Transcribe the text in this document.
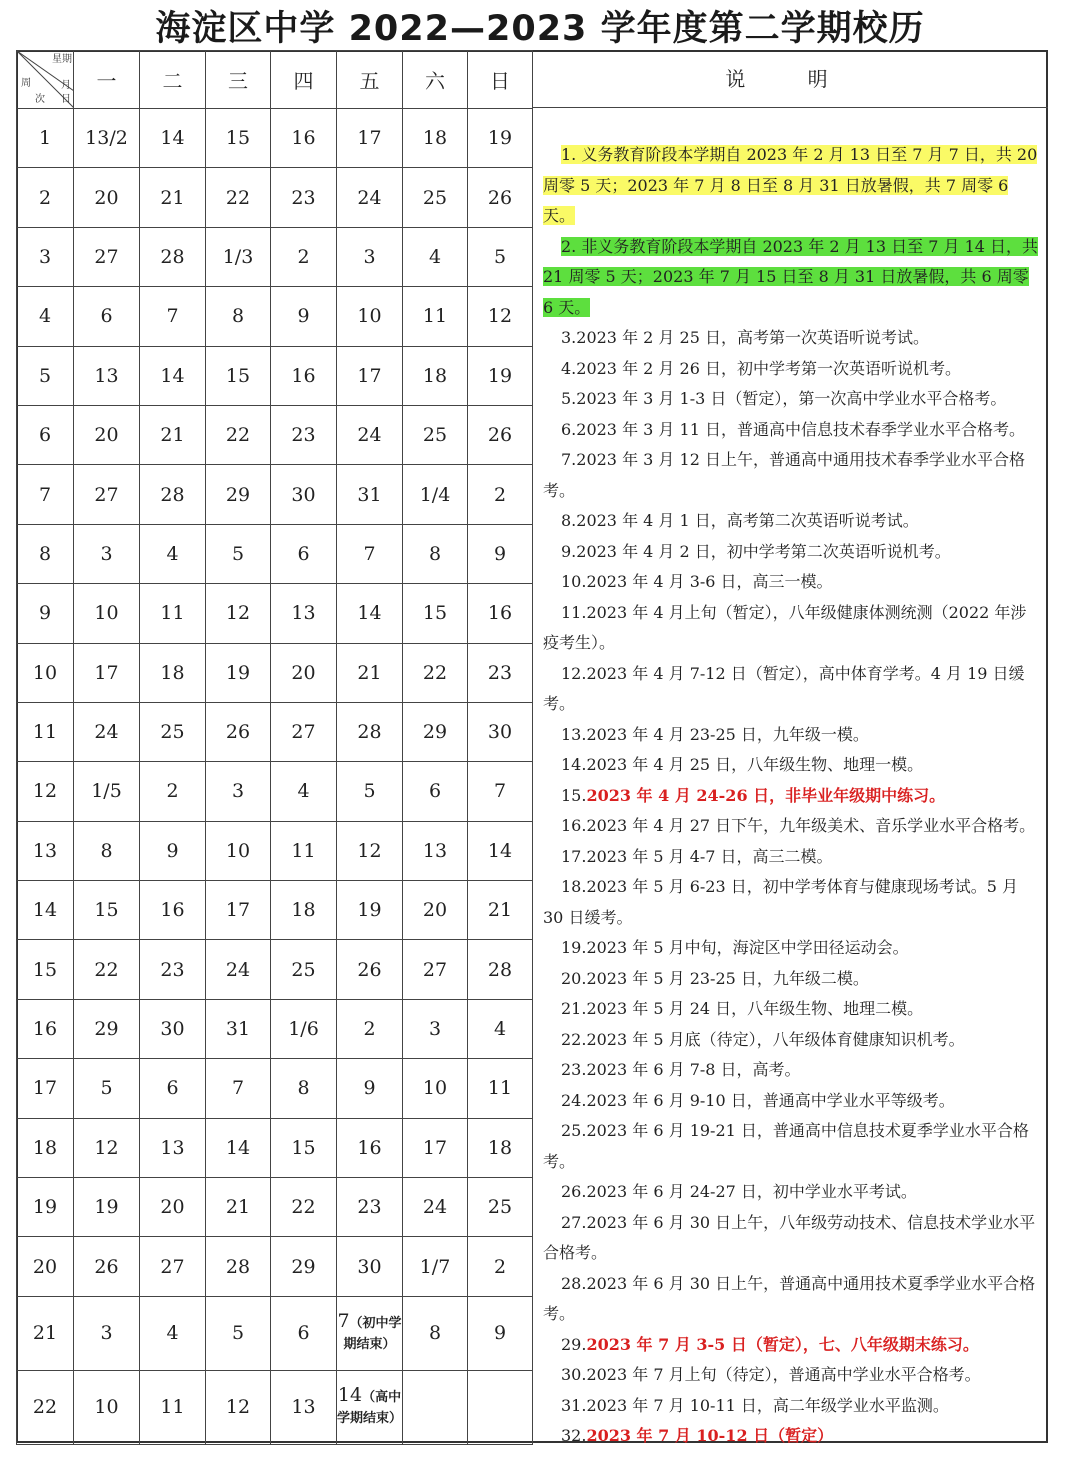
海淀区中学 2022—2023 学年度第二学期校历
星期
月
日
周
次	一	二	三	四	五	六	日
1	13/2	14	15	16	17	18	19
2	20	21	22	23	24	25	26
3	27	28	1/3	2	3	4	5
4	6	7	8	9	10	11	12
5	13	14	15	16	17	18	19
6	20	21	22	23	24	25	26
7	27	28	29	30	31	1/4	2
8	3	4	5	6	7	8	9
9	10	11	12	13	14	15	16
10	17	18	19	20	21	22	23
11	24	25	26	27	28	29	30
12	1/5	2	3	4	5	6	7
13	8	9	10	11	12	13	14
14	15	16	17	18	19	20	21
15	22	23	24	25	26	27	28
16	29	30	31	1/6	2	3	4
17	5	6	7	8	9	10	11
18	12	13	14	15	16	17	18
19	19	20	21	22	23	24	25
20	26	27	28	29	30	1/7	2
21	3	4	5	6	7（初中学期结束）	8	9
22	10	11	12	13	14（高中学期结束）		
说 明

1. 义务教育阶段本学期自 2023 年 2 月 13 日至 7 月 7 日，共 20 周零 5 天；2023 年 7 月 8 日至 8 月 31 日放暑假，共 7 周零 6 天。

2. 非义务教育阶段本学期自 2023 年 2 月 13 日至 7 月 14 日，共 21 周零 5 天；2023 年 7 月 15 日至 8 月 31 日放暑假，共 6 周零 6 天。

3.2023 年 2 月 25 日，高考第一次英语听说考试。

4.2023 年 2 月 26 日，初中学考第一次英语听说机考。

5.2023 年 3 月 1-3 日（暂定），第一次高中学业水平合格考。

6.2023 年 3 月 11 日，普通高中信息技术春季学业水平合格考。

7.2023 年 3 月 12 日上午，普通高中通用技术春季学业水平合格考。

8.2023 年 4 月 1 日，高考第二次英语听说考试。

9.2023 年 4 月 2 日，初中学考第二次英语听说机考。

10.2023 年 4 月 3-6 日，高三一模。

11.2023 年 4 月上旬（暂定），八年级健康体测统测（2022 年涉疫考生）。

12.2023 年 4 月 7-12 日（暂定），高中体育学考。4 月 19 日缓考。

13.2023 年 4 月 23-25 日，九年级一模。

14.2023 年 4 月 25 日，八年级生物、地理一模。

15.2023 年 4 月 24-26 日，非毕业年级期中练习。

16.2023 年 4 月 27 日下午，九年级美术、音乐学业水平合格考。

17.2023 年 5 月 4-7 日，高三二模。

18.2023 年 5 月 6-23 日，初中学考体育与健康现场考试。5 月 30 日缓考。

19.2023 年 5 月中旬，海淀区中学田径运动会。

20.2023 年 5 月 23-25 日，九年级二模。

21.2023 年 5 月 24 日，八年级生物、地理二模。

22.2023 年 5 月底（待定），八年级体育健康知识机考。

23.2023 年 6 月 7-8 日，高考。

24.2023 年 6 月 9-10 日，普通高中学业水平等级考。

25.2023 年 6 月 19-21 日，普通高中信息技术夏季学业水平合格考。

26.2023 年 6 月 24-27 日，初中学业水平考试。

27.2023 年 6 月 30 日上午，八年级劳动技术、信息技术学业水平合格考。

28.2023 年 6 月 30 日上午，普通高中通用技术夏季学业水平合格考。

29.2023 年 7 月 3-5 日（暂定），七、八年级期末练习。

30.2023 年 7 月上旬（待定），普通高中学业水平合格考。

31.2023 年 7 月 10-11 日，高二年级学业水平监测。

32.2023 年 7 月 10-12 日（暂定）
